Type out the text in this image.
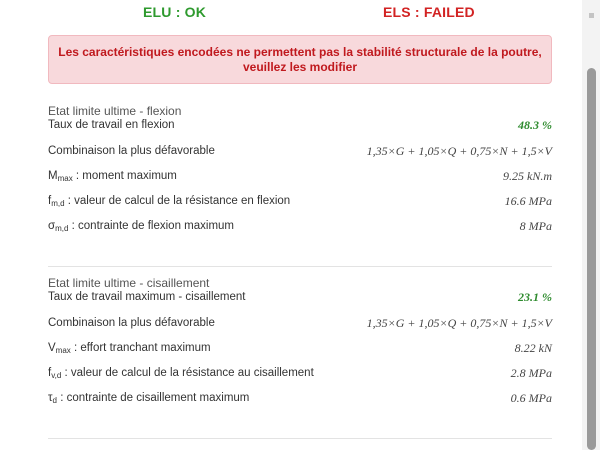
ELU : OK	ELS : FAILED
Les caractéristiques encodées ne permettent pas la stabilité structurale de la poutre,
veuillez les modifier
Etat limite ultime - flexion
Taux de travail en flexion	48.3 %
Combinaison la plus défavorable	1,35×G + 1,05×Q + 0,75×N + 1,5×V
$M_{max}$ : moment maximum	9.25 kN.m
$f_{m,d}$ : valeur de calcul de la résistance en flexion	16.6 MPa
$\sigma_{m,d}$ : contrainte de flexion maximum	8 MPa
Etat limite ultime - cisaillement
Taux de travail maximum - cisaillement	23.1 %
Combinaison la plus défavorable	1,35×G + 1,05×Q + 0,75×N + 1,5×V
$V_{max}$ : effort tranchant maximum	8.22 kN
$f_{v,d}$ : valeur de calcul de la résistance au cisaillement	2.8 MPa
$\tau_d$ : contrainte de cisaillement maximum	0.6 MPa
